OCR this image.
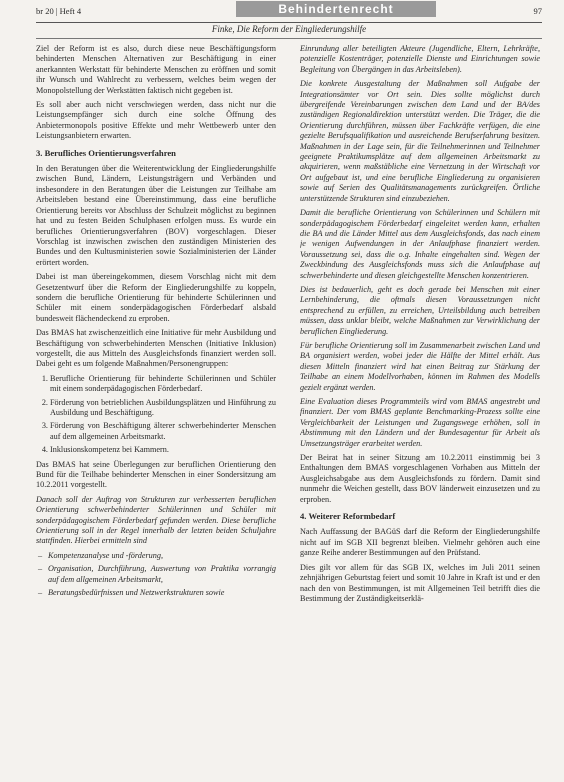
br 20 | Heft 4	Behindertenrecht	97
Finke, Die Reform der Eingliederungshilfe

Ziel der Reform ist es also, durch diese neue Beschäftigungsform behinderten Menschen Alternativen zur Beschäftigung in einer anerkannten Werkstatt für behinderte Menschen zu eröffnen und somit ihr Wunsch und Wahlrecht zu verbessern, welches beim wegen der Monopolstellung der Werkstätten faktisch nicht gegeben ist.

Es soll aber auch nicht verschwiegen werden, dass nicht nur die Leistungsempfänger sich durch eine solche Öffnung des Anbietermonopols positive Effekte und mehr Wettbewerb unter den Leistungsanbietern erwarten.

3. Berufliches Orientierungsverfahren

In den Beratungen über die Weiterentwicklung der Eingliederungshilfe zwischen Bund, Ländern, Leistungsträgern und Verbänden und insbesondere in den Beratungen über die Leistungen zur Teilhabe am Arbeitsleben bestand eine Übereinstimmung, dass eine berufliche Orientierung bereits vor Abschluss der Schulzeit möglichst zu beginnen hat und zu festen Beiden Schulphasen erfolgen muss. Es wurde ein berufliches Orientierungsverfahren (BOV) vorgeschlagen. Dieser Vorschlag ist inzwischen zwischen den zuständigen Ministerien des Bundes und den Kultusministerien sowie Sozialministerien der Länder erörtert worden.

Dabei ist man übereingekommen, diesem Vorschlag nicht mit dem Gesetzentwurf über die Reform der Eingliederungshilfe zu koppeln, sondern die berufliche Orientierung für behinderte Schülerinnen und Schüler mit einem sonderpädagogischen Förderbedarf alsbald bundesweit flächendeckend zu erproben.

Das BMAS hat zwischenzeitlich eine Initiative für mehr Ausbildung und Beschäftigung von schwerbehinderten Menschen (Initiative Inklusion) vorgestellt, die aus Mitteln des Ausgleichsfonds finanziert werden soll. Dabei geht es um folgende Maßnahmen/Personengruppen:

1. Berufliche Orientierung für behinderte Schülerinnen und Schüler mit einem sonderpädagogischen Förderbedarf.
2. Förderung von betrieblichen Ausbildungsplätzen und Hinführung zu Ausbildung und Beschäftigung.
3. Förderung von Beschäftigung älterer schwerbehinderter Menschen auf dem allgemeinen Arbeitsmarkt.
4. Inklusionskompetenz bei Kammern.

Das BMAS hat seine Überlegungen zur beruflichen Orientierung den Bund für die Teilhabe behinderter Menschen in einer Sondersitzung am 10.2.2011 vorgestellt.

Danach soll der Auftrag von Strukturen zur verbesserten beruflichen Orientierung schwerbehinderter Schülerinnen und Schüler mit sonderpädagogischem Förderbedarf gefunden werden. Diese berufliche Orientierung soll in der Regel innerhalb der letzten beiden Schuljahre stattfinden. Hierbei ermitteln sind

– Kompetenzanalyse und -förderung,
– Organisation, Durchführung, Auswertung von Praktika vorrangig auf dem allgemeinen Arbeitsmarkt,
– Beratungsbedürfnissen und Netzwerkstrukturen sowie

Einrundung aller beteiligten Akteure (Jugendliche, Eltern, Lehrkräfte, potenzielle Kostenträger, potenzielle Dienste und Einrichtungen sowie Begleitung von Übergängen in das Arbeitsleben).

Die konkrete Ausgestaltung der Maßnahmen soll Aufgabe der Integrationsämter vor Ort sein. Dies sollte möglichst durch übergreifende Vereinbarungen zwischen dem Land und der BA/des zuständigen Regionaldirektion unterstützt werden. Die Träger, die die Orientierung durchführen, müssen über Fachkräfte verfügen, die eine gezielte Berufsqualifikation und ausreichende Berufserfahrung besitzen. Maßnahmen in der Lage sein, für die Teilnehmerinnen und Teilnehmer geeignete Praktikumsplätze auf dem allgemeinen Arbeitsmarkt zu akquirieren, wenn maßstäbliche eine Vernetzung in der Wirtschaft vor Ort aufgebaut ist, und eine berufliche Eingliederung zu organisieren sowie auf Serien des Qualitätsmanagements zurückgreifen. Örtliche unterstützende Strukturen sind einzubeziehen.

Damit die berufliche Orientierung von Schülerinnen und Schülern mit sonderpädagogischem Förderbedarf eingeleitet werden kann, erhalten die BA und die Länder Mittel aus dem Ausgleichsfonds, das nach einem je wenigen Aufwendungen in der Anlaufphase finanziert werden. Voraussetzung sei, dass die o.g. Inhalte eingehalten sind. Wegen der Zweckbindung des Ausgleichsfonds muss sich die Anlaufphase auf schwerbehinderte und diesen gleichgestellte Menschen konzentrieren.

Dies ist bedauerlich, geht es doch gerade bei Menschen mit einer Lernbehinderung, die oftmals diesen Voraussetzungen nicht entsprechend zu erfüllen, zu erreichen, Urteilsbildung auch betreiben müssen, dass unklar bleibt, welche Maßnahmen zur Verwirklichung der beruflichen Eingliederung.

Für berufliche Orientierung soll im Zusammenarbeit zwischen Land und BA organisiert werden, wobei jeder die Hälfte der Mittel erhält. Aus diesen Mitteln finanziert wird hat einen Beitrag zur Stärkung der Teilhabe an einem Modellvorhaben, können im Rahmen des Modells gezielt ergänzt werden.

Eine Evaluation dieses Programmteils wird vom BMAS angestrebt und finanziert. Der vom BMAS geplante Benchmarking-Prozess sollte eine Vergleichbarkeit der Leistungen und Zugangswege erhöhen, soll in Abstimmung mit den Ländern und der Bundesagentur für Arbeit als Umsetzungsträger erarbeitet werden.

Der Beirat hat in seiner Sitzung am 10.2.2011 einstimmig bei 3 Enthaltungen dem BMAS vorgeschlagenen Vorhaben aus Mitteln der Ausgleichsabgabe aus dem Ausgleichsfonds zu fördern. Damit sind nunmehr die Weichen gestellt, dass BOV länderweit einzusetzen und zu erproben.

4. Weiterer Reformbedarf

Nach Auffassung der BAGüS darf die Reform der Eingliederungshilfe nicht auf im SGB XII begrenzt bleiben. Vielmehr gehören auch eine ganze Reihe anderer Bestimmungen auf den Prüfstand.

Dies gilt vor allem für das SGB IX, welches im Juli 2011 seinen zehnjährigen Geburtstag feiert und somit 10 Jahre in Kraft ist und er den nach den von Bestimmungen, ist mit Allgemeinen Teil betrifft dies die Bestimmung der Zuständigkeitserklä-
